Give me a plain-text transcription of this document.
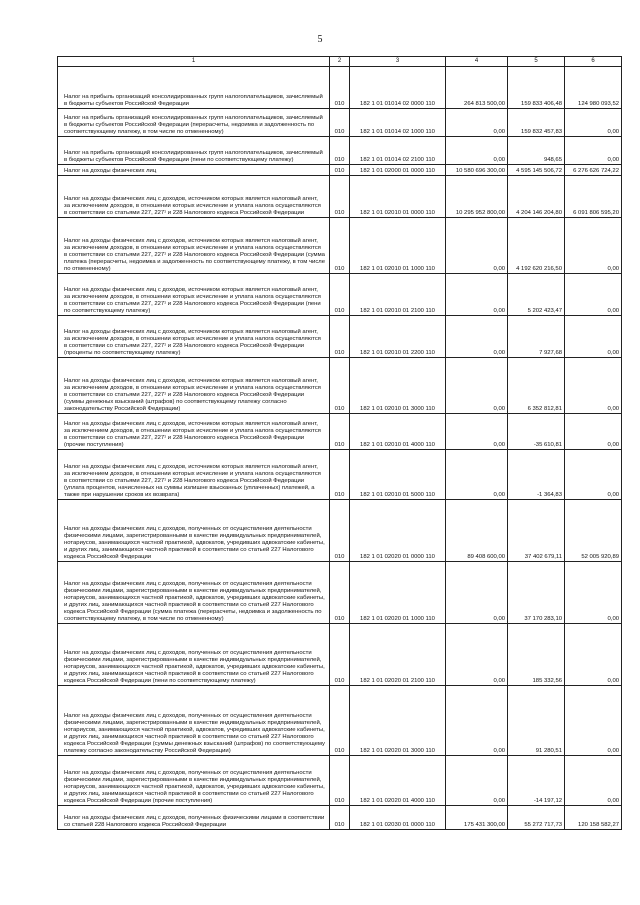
5
1	2	3	4	5	6
Налог на прибыль организаций консолидированных групп налогоплательщиков, зачисляемый в бюджеты субъектов Российской Федерации	010	182 1 01 01014 02 0000 110	264 813 500,00	159 833 406,48	124 980 093,52
Налог на прибыль организаций консолидированных групп налогоплательщиков, зачисляемый в бюджеты субъектов Российской Федерации (перерасчеты, недоимка и задолженность по соответствующему платежу, в том числе по отмененному)	010	182 1 01 01014 02 1000 110	0,00	159 832 457,83	0,00
Налог на прибыль организаций консолидированных групп налогоплательщиков, зачисляемый в бюджеты субъектов Российской Федерации (пени по соответствующему платежу)	010	182 1 01 01014 02 2100 110	0,00	948,65	0,00
Налог на доходы физических лиц	010	182 1 01 02000 01 0000 110	10 580 696 300,00	4 595 145 506,72	6 276 626 724,22
Налог на доходы физических лиц с доходов, источником которых является налоговый агент, за исключением доходов, в отношении которых исчисление и уплата налога осуществляются в соответствии со статьями 227, 227¹ и 228 Налогового кодекса Российской Федерации	010	182 1 01 02010 01 0000 110	10 295 952 800,00	4 204 146 204,80	6 091 806 595,20
Налог на доходы физических лиц с доходов, источником которых является налоговый агент, за исключением доходов, в отношении которых исчисление и уплата налога осуществляются в соответствии со статьями 227, 227¹ и 228 Налогового кодекса Российской Федерации (сумма платежа (перерасчеты, недоимка и задолженность по соответствующему платежу, в том числе по отмененному)	010	182 1 01 02010 01 1000 110	0,00	4 192 620 216,50	0,00
Налог на доходы физических лиц с доходов, источником которых является налоговый агент, за исключением доходов, в отношении которых исчисление и уплата налога осуществляются в соответствии со статьями 227, 227¹ и 228 Налогового кодекса Российской Федерации (пени по соответствующему платежу)	010	182 1 01 02010 01 2100 110	0,00	5 202 423,47	0,00
Налог на доходы физических лиц с доходов, источником которых является налоговый агент, за исключением доходов, в отношении которых исчисление и уплата налога осуществляются в соответствии со статьями 227, 227¹ и 228 Налогового кодекса Российской Федерации (проценты по соответствующему платежу)	010	182 1 01 02010 01 2200 110	0,00	7 927,68	0,00
Налог на доходы физических лиц с доходов, источником которых является налоговый агент, за исключением доходов, в отношении которых исчисление и уплата налога осуществляются в соответствии со статьями 227, 227¹ и 228 Налогового кодекса Российской Федерации (суммы денежных взысканий (штрафов) по соответствующему платежу согласно законодательству Российской Федерации)	010	182 1 01 02010 01 3000 110	0,00	6 352 812,81	0,00
Налог на доходы физических лиц с доходов, источником которых является налоговый агент, за исключением доходов, в отношении которых исчисление и уплата налога осуществляются в соответствии со статьями 227, 227¹ и 228 Налогового кодекса Российской Федерации (прочие поступления)	010	182 1 01 02010 01 4000 110	0,00	-35 610,81	0,00
Налог на доходы физических лиц с доходов, источником которых является налоговый агент, за исключением доходов, в отношении которых исчисление и уплата налога осуществляются в соответствии со статьями 227, 227¹ и 228 Налогового кодекса Российской Федерации (уплата процентов, начисленных на суммы излишне взысканных (уплаченных) платежей, а также при нарушении сроков их возврата)	010	182 1 01 02010 01 5000 110	0,00	-1 364,83	0,00
Налог на доходы физических лиц с доходов, полученных от осуществления деятельности физическими лицами, зарегистрированными в качестве индивидуальных предпринимателей, нотариусов, занимающихся частной практикой, адвокатов, учредивших адвокатские кабинеты, и других лиц, занимающихся частной практикой в соответствии со статьей 227 Налогового кодекса Российской Федерации	010	182 1 01 02020 01 0000 110	89 408 600,00	37 402 679,11	52 005 920,89
Налог на доходы физических лиц с доходов, полученных от осуществления деятельности физическими лицами, зарегистрированными в качестве индивидуальных предпринимателей, нотариусов, занимающихся частной практикой, адвокатов, учредивших адвокатские кабинеты, и других лиц, занимающихся частной практикой в соответствии со статьей 227 Налогового кодекса Российской Федерации (сумма платежа (перерасчеты, недоимка и задолженность по соответствующему платежу, в том числе по отмененному)	010	182 1 01 02020 01 1000 110	0,00	37 170 283,10	0,00
Налог на доходы физических лиц с доходов, полученных от осуществления деятельности физическими лицами, зарегистрированными в качестве индивидуальных предпринимателей, нотариусов, занимающихся частной практикой, адвокатов, учредивших адвокатские кабинеты, и других лиц, занимающихся частной практикой в соответствии со статьей 227 Налогового кодекса Российской Федерации (пени по соответствующему платежу)	010	182 1 01 02020 01 2100 110	0,00	185 332,56	0,00
Налог на доходы физических лиц с доходов, полученных от осуществления деятельности физическими лицами, зарегистрированными в качестве индивидуальных предпринимателей, нотариусов, занимающихся частной практикой, адвокатов, учредивших адвокатские кабинеты, и других лиц, занимающихся частной практикой в соответствии со статьей 227 Налогового кодекса Российской Федерации (суммы денежных взысканий (штрафов) по соответствующему платежу согласно законодательству Российской Федерации)	010	182 1 01 02020 01 3000 110	0,00	91 280,51	0,00
Налог на доходы физических лиц с доходов, полученных от осуществления деятельности физическими лицами, зарегистрированными в качестве индивидуальных предпринимателей, нотариусов, занимающихся частной практикой, адвокатов, учредивших адвокатские кабинеты, и других лиц, занимающихся частной практикой в соответствии со статьей 227 Налогового кодекса Российской Федерации (прочие поступления)	010	182 1 01 02020 01 4000 110	0,00	-14 197,12	0,00
Налог на доходы физических лиц с доходов, полученных физическими лицами в соответствии со статьей 228 Налогового кодекса Российской Федерации	010	182 1 01 02030 01 0000 110	175 431 300,00	55 272 717,73	120 158 582,27
